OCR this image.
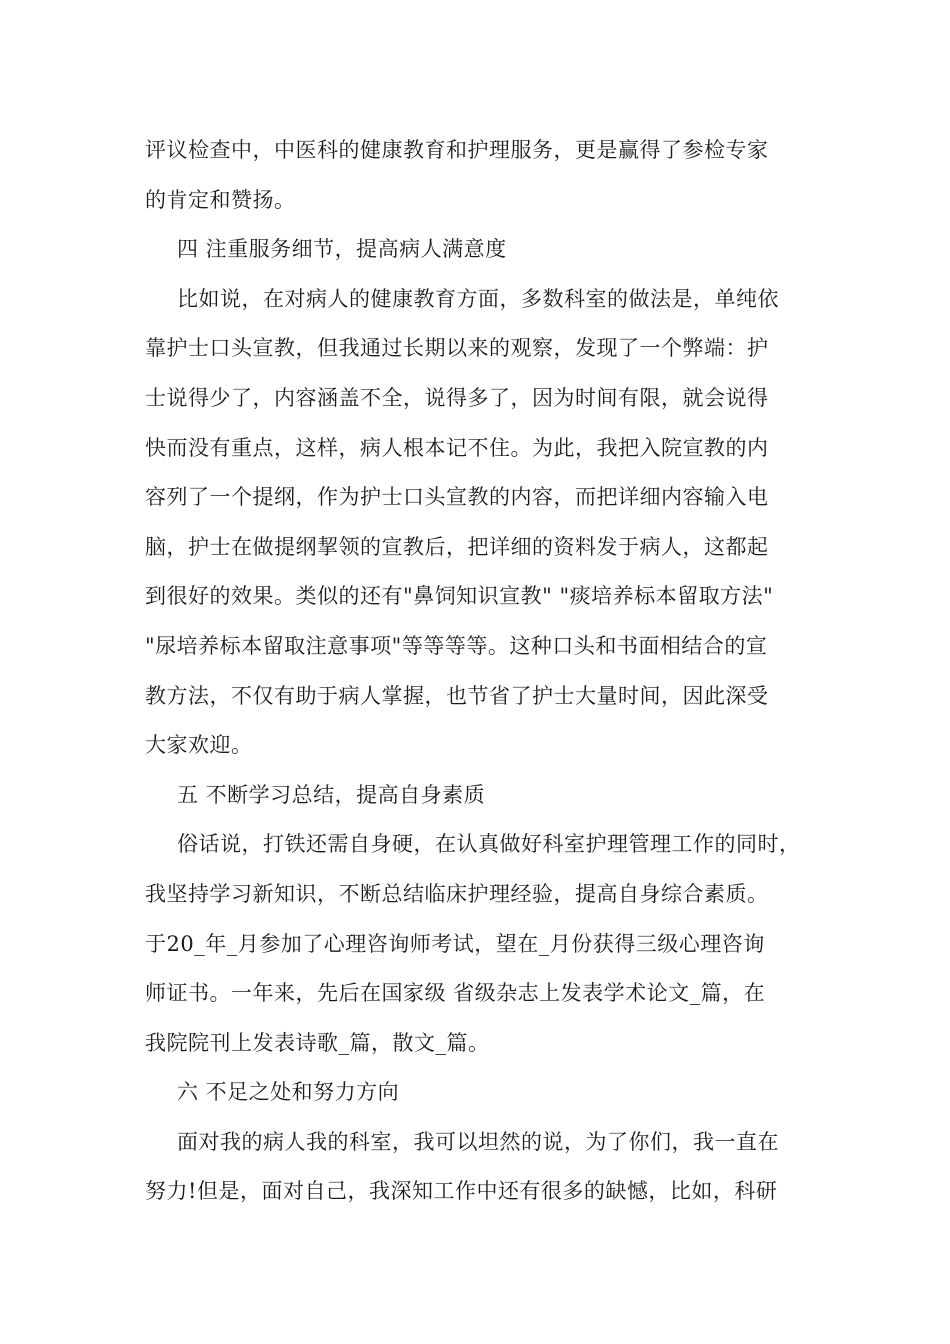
评议检查中，中医科的健康教育和护理服务，更是赢得了参检专家
的肯定和赞扬。
四 注重服务细节，提高病人满意度
比如说，在对病人的健康教育方面，多数科室的做法是，单纯依
靠护士口头宣教，但我通过长期以来的观察，发现了一个弊端：护
士说得少了，内容涵盖不全，说得多了，因为时间有限，就会说得
快而没有重点，这样，病人根本记不住。为此，我把入院宣教的内
容列了一个提纲，作为护士口头宣教的内容，而把详细内容输入电
脑，护士在做提纲挈领的宣教后，把详细的资料发于病人，这都起
到很好的效果。类似的还有"鼻饲知识宣教" "痰培养标本留取方法"
"尿培养标本留取注意事项"等等等等。这种口头和书面相结合的宣
教方法，不仅有助于病人掌握，也节省了护士大量时间，因此深受
大家欢迎。
五 不断学习总结，提高自身素质
俗话说，打铁还需自身硬，在认真做好科室护理管理工作的同时，
我坚持学习新知识，不断总结临床护理经验，提高自身综合素质。
于20_年_月参加了心理咨询师考试，望在_月份获得三级心理咨询
师证书。一年来，先后在国家级 省级杂志上发表学术论文_篇，在
我院院刊上发表诗歌_篇，散文_篇。
六 不足之处和努力方向
面对我的病人我的科室，我可以坦然的说，为了你们，我一直在
努力!但是，面对自己，我深知工作中还有很多的缺憾，比如，科研
